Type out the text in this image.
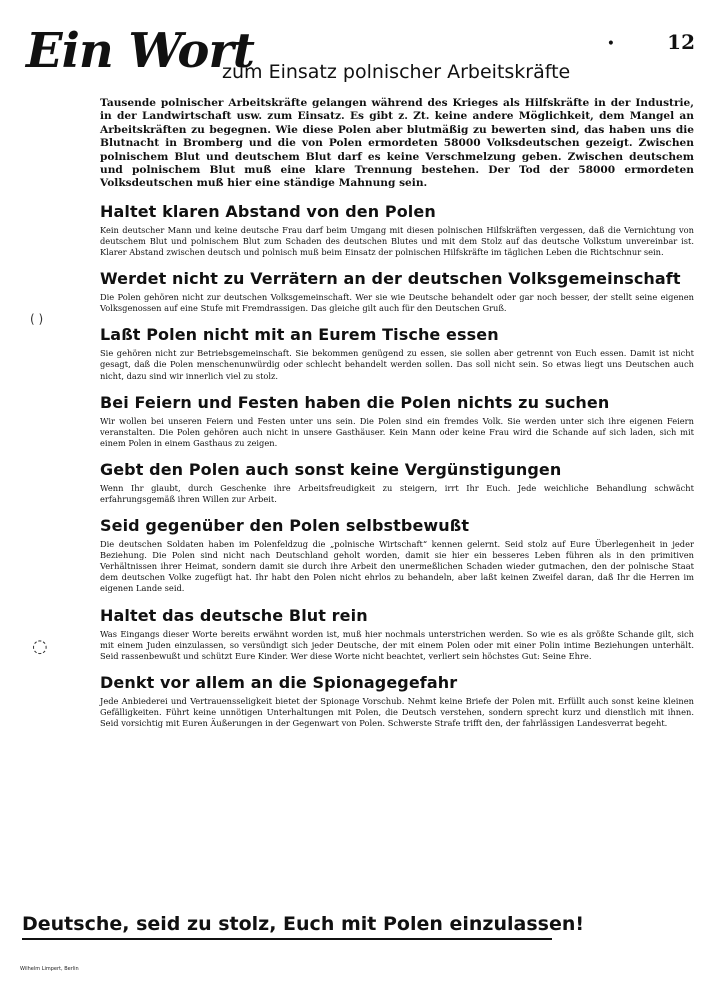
Ein Wort
zum Einsatz polnischer Arbeitskräfte
•	12
( )
◌

Tausende polnischer Arbeitskräfte gelangen während des Krieges als Hilfskräfte in der Industrie, in der Landwirtschaft usw. zum Einsatz. Es gibt z. Zt. keine andere Möglichkeit, dem Mangel an Arbeitskräften zu begegnen. Wie diese Polen aber blutmäßig zu bewerten sind, das haben uns die Blutnacht in Bromberg und die von Polen ermordeten 58000 Volksdeutschen gezeigt. Zwischen polnischem Blut und deutschem Blut darf es keine Verschmelzung geben. Zwischen deutschem und polnischem Blut muß eine klare Trennung bestehen. Der Tod der 58000 ermordeten Volksdeutschen muß hier eine ständige Mahnung sein.

Haltet klaren Abstand von den Polen

Kein deutscher Mann und keine deutsche Frau darf beim Umgang mit diesen polnischen Hilfskräften vergessen, daß die Vernichtung von deutschem Blut und polnischem Blut zum Schaden des deutschen Blutes und mit dem Stolz auf das deutsche Volkstum unvereinbar ist. Klarer Abstand zwischen deutsch und polnisch muß beim Einsatz der polnischen Hilfskräfte im täglichen Leben die Richtschnur sein.

Werdet nicht zu Verrätern an der deutschen Volksgemeinschaft

Die Polen gehören nicht zur deutschen Volksgemeinschaft. Wer sie wie Deutsche behandelt oder gar noch besser, der stellt seine eigenen Volksgenossen auf eine Stufe mit Fremdrassigen. Das gleiche gilt auch für den Deutschen Gruß.

Laßt Polen nicht mit an Eurem Tische essen

Sie gehören nicht zur Betriebsgemeinschaft. Sie bekommen genügend zu essen, sie sollen aber getrennt von Euch essen. Damit ist nicht gesagt, daß die Polen menschenunwürdig oder schlecht behandelt werden sollen. Das soll nicht sein. So etwas liegt uns Deutschen auch nicht, dazu sind wir innerlich viel zu stolz.

Bei Feiern und Festen haben die Polen nichts zu suchen

Wir wollen bei unseren Feiern und Festen unter uns sein. Die Polen sind ein fremdes Volk. Sie werden unter sich ihre eigenen Feiern veranstalten. Die Polen gehören auch nicht in unsere Gasthäuser. Kein Mann oder keine Frau wird die Schande auf sich laden, sich mit einem Polen in einem Gasthaus zu zeigen.

Gebt den Polen auch sonst keine Vergünstigungen

Wenn Ihr glaubt, durch Geschenke ihre Arbeitsfreudigkeit zu steigern, irrt Ihr Euch. Jede weichliche Behandlung schwächt erfahrungsgemäß ihren Willen zur Arbeit.

Seid gegenüber den Polen selbstbewußt

Die deutschen Soldaten haben im Polenfeldzug die „polnische Wirtschaft“ kennen gelernt. Seid stolz auf Eure Überlegenheit in jeder Beziehung. Die Polen sind nicht nach Deutschland geholt worden, damit sie hier ein besseres Leben führen als in den primitiven Verhältnissen ihrer Heimat, sondern damit sie durch ihre Arbeit den unermeßlichen Schaden wieder gutmachen, den der polnische Staat dem deutschen Volke zugefügt hat. Ihr habt den Polen nicht ehrlos zu behandeln, aber laßt keinen Zweifel daran, daß Ihr die Herren im eigenen Lande seid.

Haltet das deutsche Blut rein

Was Eingangs dieser Worte bereits erwähnt worden ist, muß hier nochmals unterstrichen werden. So wie es als größte Schande gilt, sich mit einem Juden einzulassen, so versündigt sich jeder Deutsche, der mit einem Polen oder mit einer Polin intime Beziehungen unterhält. Seid rassenbewußt und schützt Eure Kinder. Wer diese Worte nicht beachtet, verliert sein höchstes Gut: Seine Ehre.

Denkt vor allem an die Spionagegefahr

Jede Anbiederei und Vertrauensseligkeit bietet der Spionage Vorschub. Nehmt keine Briefe der Polen mit. Erfüllt auch sonst keine kleinen Gefälligkeiten. Führt keine unnötigen Unterhaltungen mit Polen, die Deutsch verstehen, sondern sprecht kurz und dienstlich mit ihnen. Seid vorsichtig mit Euren Äußerungen in der Gegenwart von Polen. Schwerste Strafe trifft den, der fahrlässigen Landesverrat begeht.

Deutsche, seid zu stolz, Euch mit Polen einzulassen!
Wilhelm Limpert, Berlin
